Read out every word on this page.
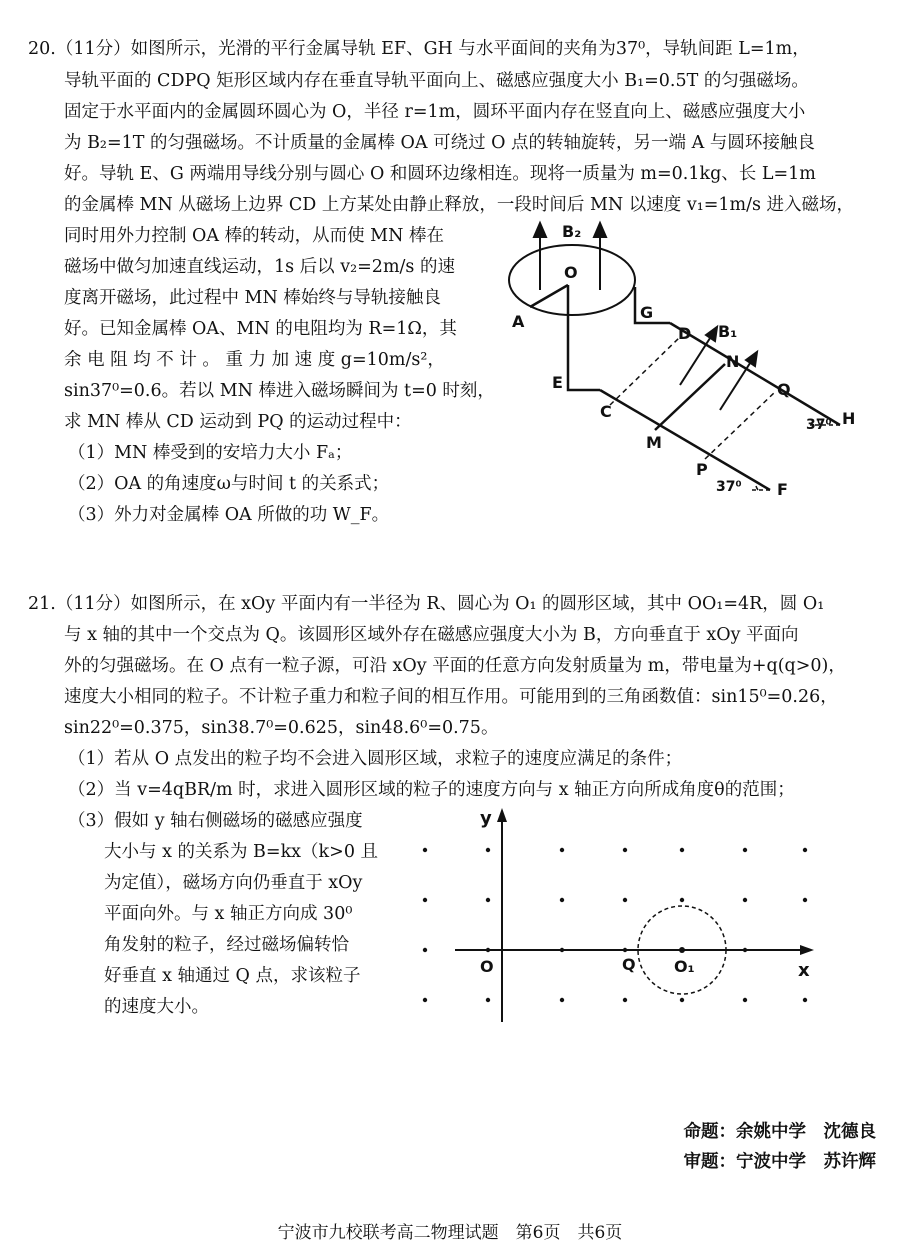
20.（11分）如图所示，光滑的平行金属导轨 EF、GH 与水平面间的夹角为37⁰，导轨间距 L=1m，
导轨平面的 CDPQ 矩形区域内存在垂直导轨平面向上、磁感应强度大小 B₁=0.5T 的匀强磁场。
固定于水平面内的金属圆环圆心为 O，半径 r=1m，圆环平面内存在竖直向上、磁感应强度大小
为 B₂=1T 的匀强磁场。不计质量的金属棒 OA 可绕过 O 点的转轴旋转，另一端 A 与圆环接触良
好。导轨 E、G 两端用导线分别与圆心 O 和圆环边缘相连。现将一质量为 m=0.1kg、长 L=1m
的金属棒 MN 从磁场上边界 CD 上方某处由静止释放，一段时间后 MN 以速度 v₁=1m/s 进入磁场，
同时用外力控制 OA 棒的转动，从而使 MN 棒在
磁场中做匀加速直线运动，1s 后以 v₂=2m/s 的速
度离开磁场，此过程中 MN 棒始终与导轨接触良
好。已知金属棒 OA、MN 的电阻均为 R=1Ω，其
余 电 阻 均 不 计 。 重 力 加 速 度 g=10m/s²，
sin37⁰=0.6。若以 MN 棒进入磁场瞬间为 t=0 时刻，
求 MN 棒从 CD 运动到 PQ 的运动过程中：
（1）MN 棒受到的安培力大小 Fₐ；
（2）OA 的角速度ω与时间 t 的关系式；
（3）外力对金属棒 OA 所做的功 W_F。
B₂
O
A	G
D B₁
N
Q
E
C
M
P
H
F
37⁰
37⁰
21.（11分）如图所示，在 xOy 平面内有一半径为 R、圆心为 O₁ 的圆形区域，其中 OO₁=4R，圆 O₁
与 x 轴的其中一个交点为 Q。该圆形区域外存在磁感应强度大小为 B，方向垂直于 xOy 平面向
外的匀强磁场。在 O 点有一粒子源，可沿 xOy 平面的任意方向发射质量为 m，带电量为+q(q>0)，
速度大小相同的粒子。不计粒子重力和粒子间的相互作用。可能用到的三角函数值：sin15⁰=0.26，
sin22⁰=0.375，sin38.7⁰=0.625，sin48.6⁰=0.75。
（1）若从 O 点发出的粒子均不会进入圆形区域，求粒子的速度应满足的条件；
（2）当 v=4qBR/m 时，求进入圆形区域的粒子的速度方向与 x 轴正方向所成角度θ的范围；
（3）假如 y 轴右侧磁场的磁感应强度
大小与 x 的关系为 B=kx（k>0 且
为定值），磁场方向仍垂直于 xOy
平面向外。与 x 轴正方向成 30⁰
角发射的粒子，经过磁场偏转恰
好垂直 x 轴通过 Q 点，求该粒子
的速度大小。
y
x
O	Q O₁
命题：余姚中学　沈德良
审题：宁波中学　苏许辉
宁波市九校联考高二物理试题　第6页　共6页
